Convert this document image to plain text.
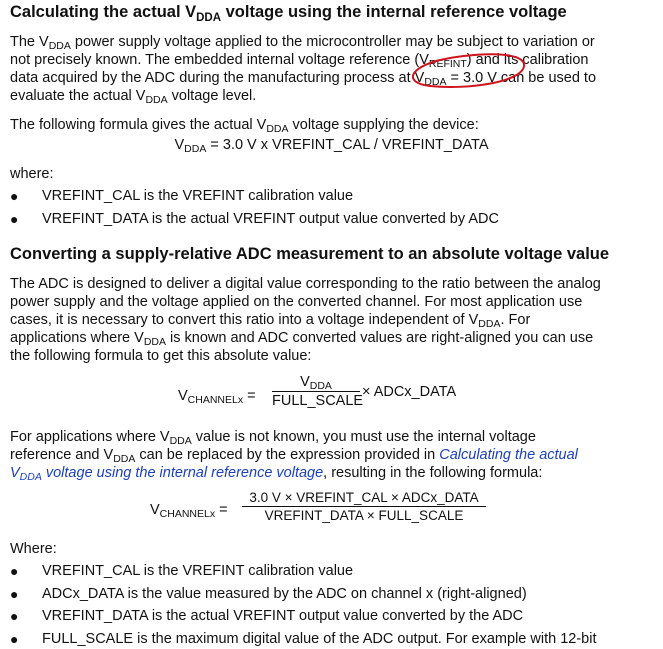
Calculating the actual $V_{DDA}$ voltage using the internal reference voltage
The $V_{DDA}$ power supply voltage applied to the microcontroller may be subject to variation or
not precisely known. The embedded internal voltage reference $(V_{REFINT})$ and its calibration
data acquired by the ADC during the manufacturing process at $V_{DDA} = 3.0$ V can be used to
evaluate the actual $V_{DDA}$ voltage level.
The following formula gives the actual $V_{DDA}$ voltage supplying the device:
$V_{DDA} = 3.0$ V x VREFINT_CAL / VREFINT_DATA
where:
● VREFINT_CAL is the VREFINT calibration value
● VREFINT_DATA is the actual VREFINT output value converted by ADC
Converting a supply-relative ADC measurement to an absolute voltage value
The ADC is designed to deliver a digital value corresponding to the ratio between the analog
power supply and the voltage applied on the converted channel. For most application use
cases, it is necessary to convert this ratio into a voltage independent of $V_{DDA}$. For
applications where $V_{DDA}$ is known and ADC converted values are right-aligned you can use
the following formula to get this absolute value:
$V_{CHANNELx}$ =
$V_{DDA}$
FULL_SCALE
× ADCx_DATA
For applications where $V_{DDA}$ value is not known, you must use the internal voltage
reference and $V_{DDA}$ can be replaced by the expression provided in Calculating the actual
$V_{DDA}$ voltage using the internal reference voltage, resulting in the following formula:
$V_{CHANNELx}$ =
3.0 V × VREFINT_CAL × ADCx_DATA
VREFINT_DATA × FULL_SCALE
Where:
● VREFINT_CAL is the VREFINT calibration value
● ADCx_DATA is the value measured by the ADC on channel x (right-aligned)
● VREFINT_DATA is the actual VREFINT output value converted by the ADC
● FULL_SCALE is the maximum digital value of the ADC output. For example with 12-bit
